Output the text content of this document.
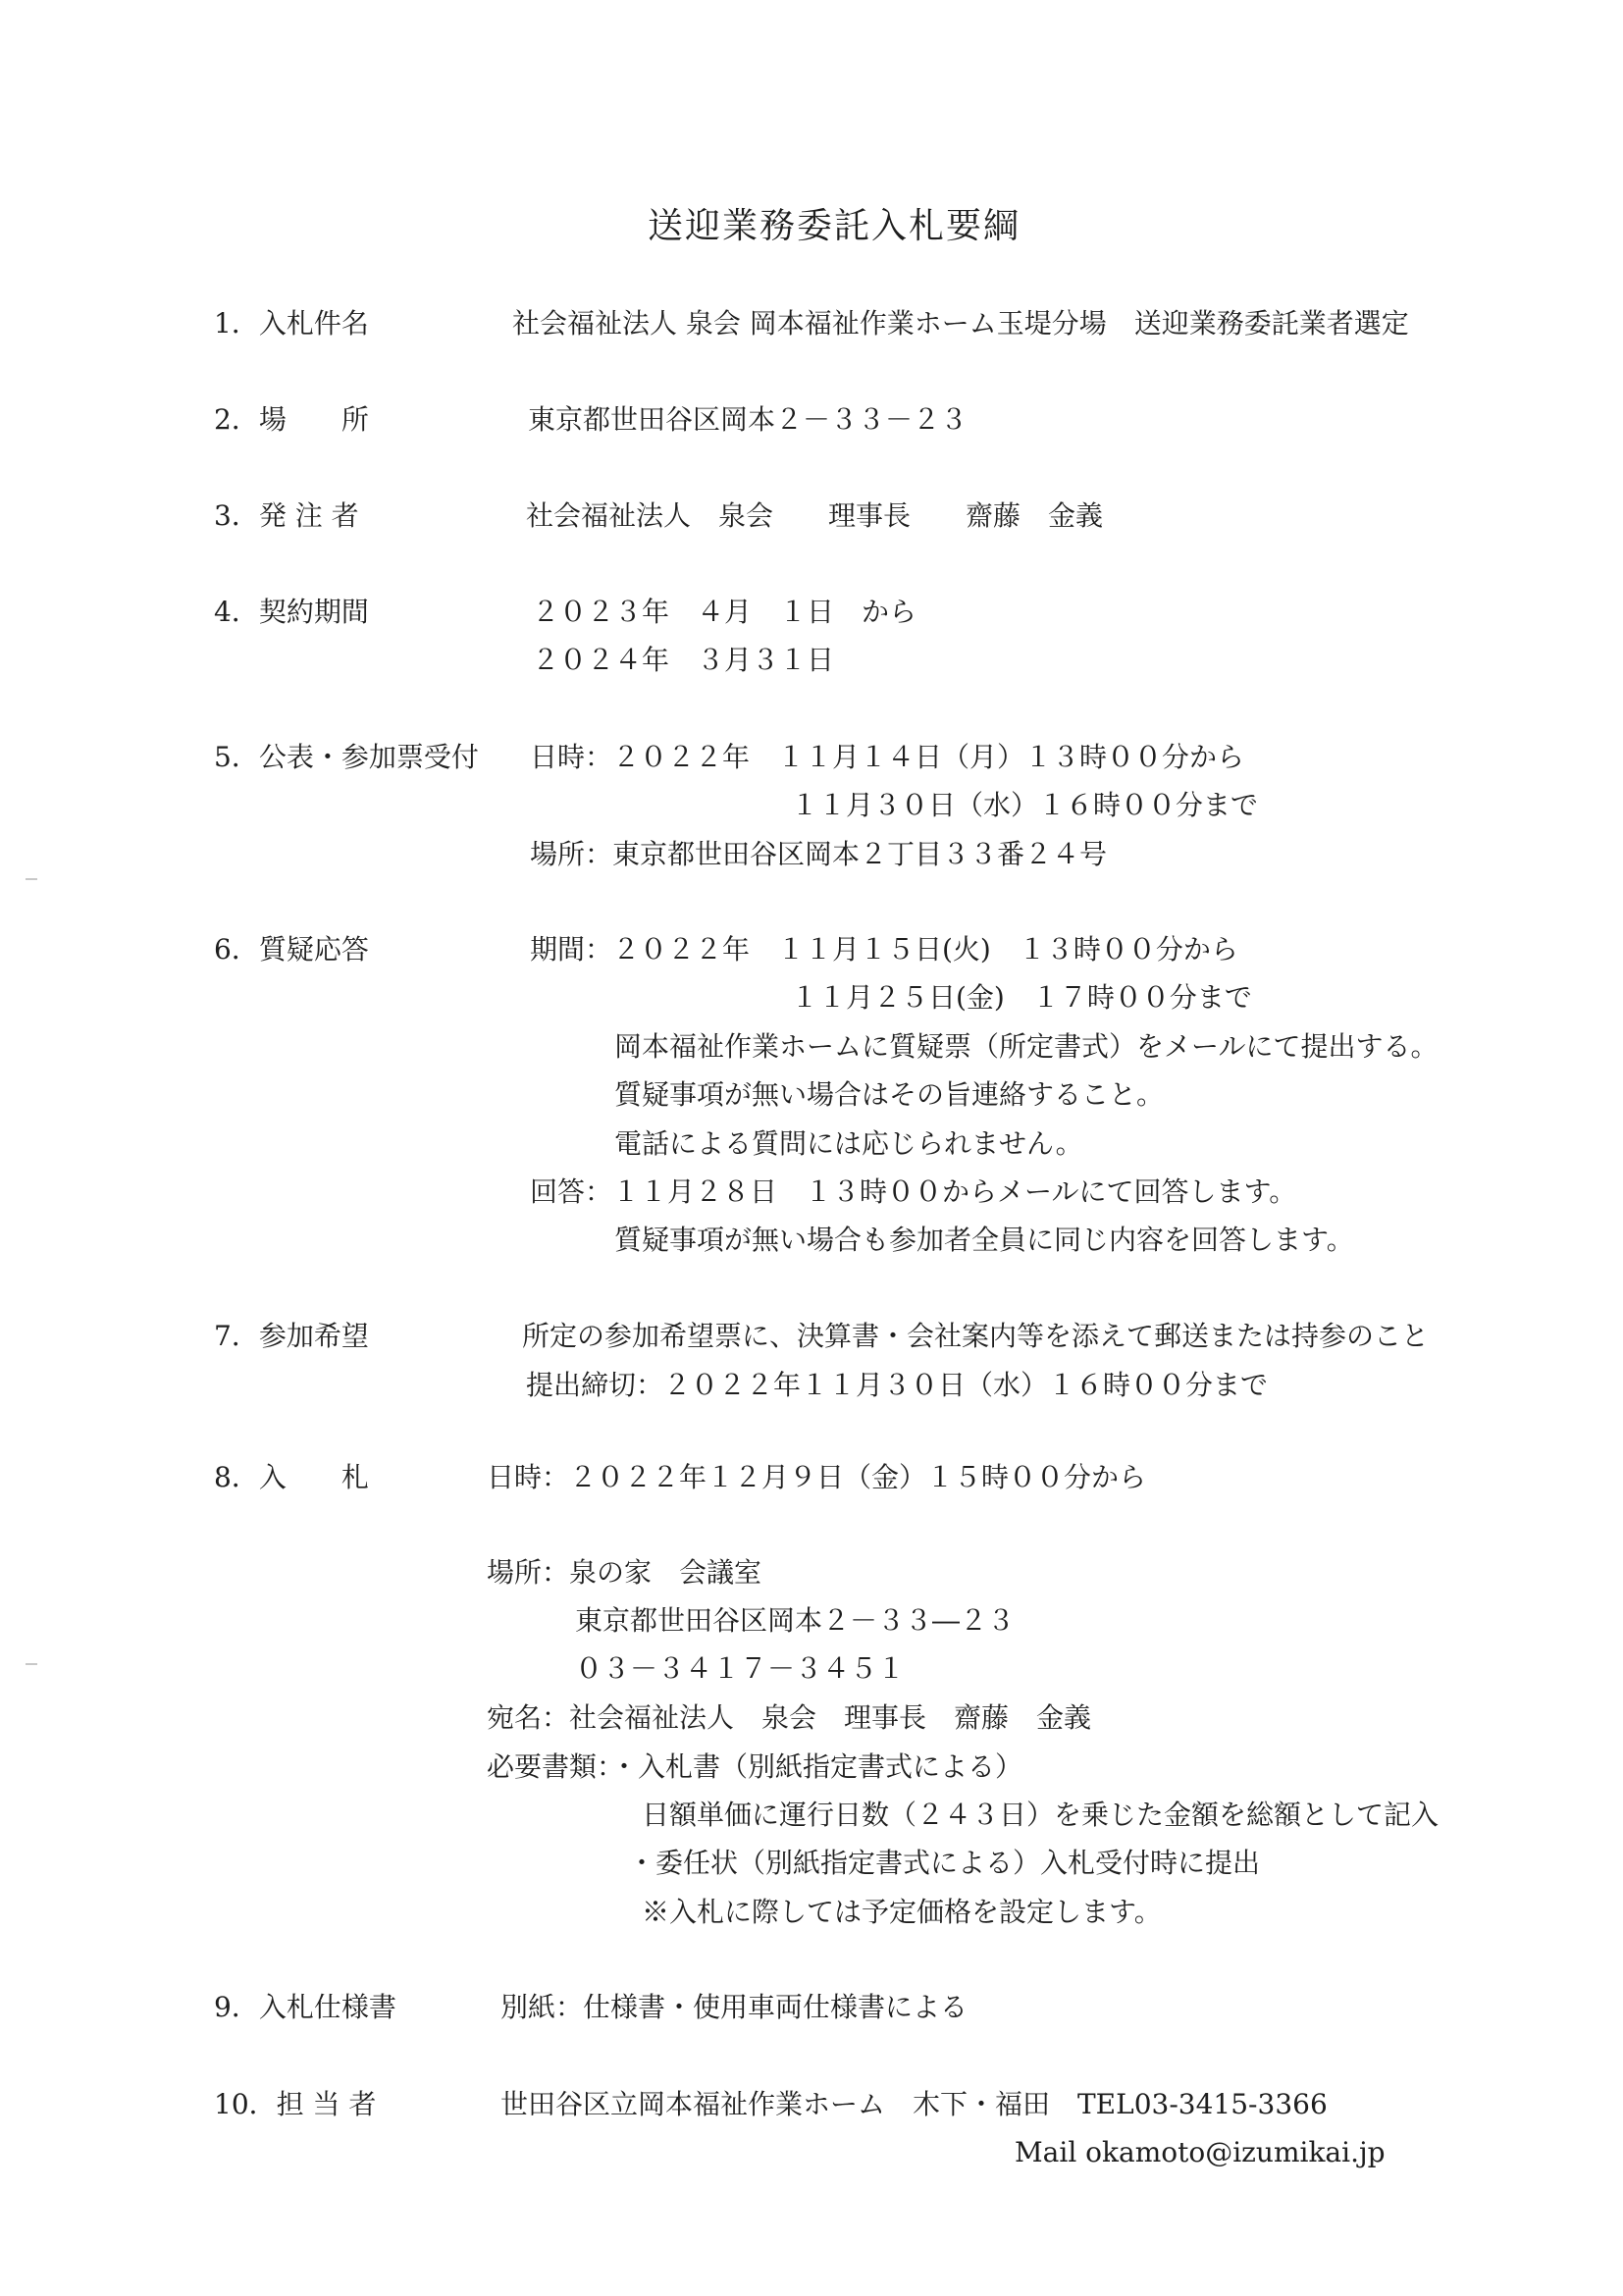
送迎業務委託入札要綱
1．入札件名	社会福祉法人 泉会 岡本福祉作業ホーム玉堤分場　送迎業務委託業者選定
2．場　　所	東京都世田谷区岡本２－３３－２３
3．発 注 者	社会福祉法人　泉会　　理事長　　齋藤　金義
4．契約期間	２０２３年　４月　１日　から
２０２４年　３月３１日
5．公表・参加票受付 日時：２０２２年　１１月１４日（月）１３時００分から
１１月３０日（水）１６時００分まで
場所：東京都世田谷区岡本２丁目３３番２４号
6．質疑応答	期間：２０２２年　１１月１５日(火)　１３時００分から
１１月２５日(金)　１７時００分まで
岡本福祉作業ホームに質疑票（所定書式）をメールにて提出する。
質疑事項が無い場合はその旨連絡すること。
電話による質問には応じられません。
回答：１１月２８日　１３時００からメールにて回答します。
質疑事項が無い場合も参加者全員に同じ内容を回答します。
7．参加希望	所定の参加希望票に、決算書・会社案内等を添えて郵送または持参のこと
提出締切：２０２２年１１月３０日（水）１６時００分まで
8．入　　札	日時：２０２２年１２月９日（金）１５時００分から
場所：泉の家　会議室
東京都世田谷区岡本２－３３―２３
０３－３４１７－３４５１
宛名：社会福祉法人　泉会　理事長　齋藤　金義
必要書類：・入札書（別紙指定書式による）
日額単価に運行日数（２４３日）を乗じた金額を総額として記入
・委任状（別紙指定書式による）入札受付時に提出
※入札に際しては予定価格を設定します。
9．入札仕様書	別紙：仕様書・使用車両仕様書による
10．担 当 者	世田谷区立岡本福祉作業ホーム　木下・福田　TEL03-3415-3366
Mail okamoto@izumikai.jp
